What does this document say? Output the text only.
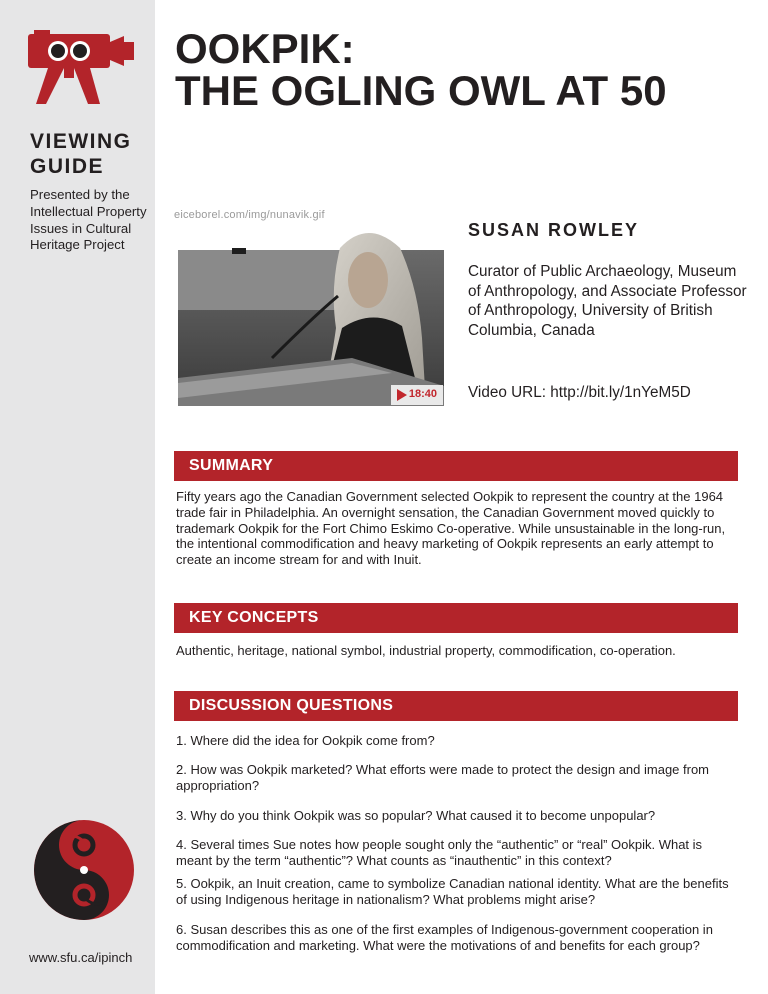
VIEWING
GUIDE
Presented by the Intellectual Property Issues in Cultural Heritage Project
www.sfu.ca/ipinch
OOKPIK:
THE OGLING OWL AT 50
eiceborel.com/img/nunavik.gif
18:40
SUSAN ROWLEY
Curator of Public Archaeology, Museum of Anthropology, and Associate Professor of Anthropology, University of British Columbia, Canada
Video URL: http://bit.ly/1nYeM5D
SUMMARY
Fifty years ago the Canadian Government selected Ookpik to represent the country at the 1964 trade fair in Philadelphia. An overnight sensation, the Canadian Government moved quickly to trademark Ookpik for the Fort Chimo Eskimo Co-operative. While unsustainable in the long-run, the intentional commodification and heavy marketing of Ookpik represents an early attempt to create an income stream for and with Inuit.
KEY CONCEPTS
Authentic, heritage, national symbol, industrial property, commodification, co-operation.
DISCUSSION QUESTIONS
1. Where did the idea for Ookpik come from?
2. How was Ookpik marketed? What efforts were made to protect the design and image from appropriation?
3. Why do you think Ookpik was so popular? What caused it to become unpopular?
4. Several times Sue notes how people sought only the “authentic” or “real” Ookpik. What is meant by the term “authentic”? What counts as “inauthentic” in this context?
5. Ookpik, an Inuit creation, came to symbolize Canadian national identity. What are the benefits of using Indigenous heritage in nationalism? What problems might arise?
6. Susan describes this as one of the first examples of Indigenous-government cooperation in commodification and marketing. What were the motivations of and benefits for each group?
